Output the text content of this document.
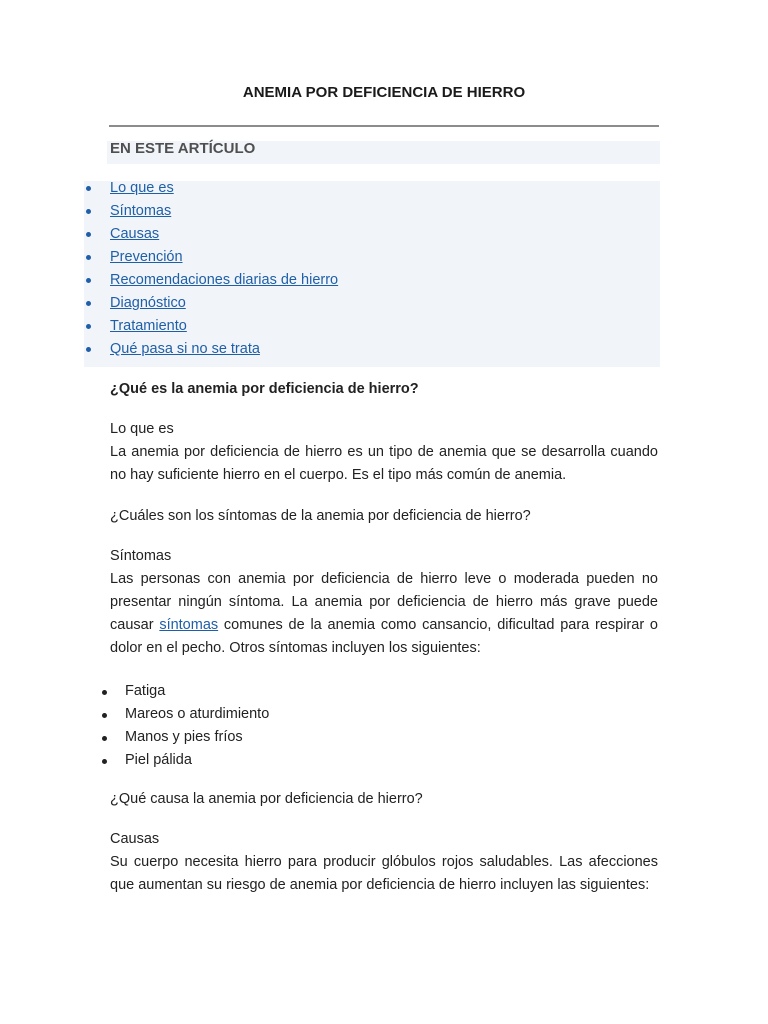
ANEMIA POR DEFICIENCIA DE HIERRO
EN ESTE ARTÍCULO
Lo que es
Síntomas
Causas
Prevención
Recomendaciones diarias de hierro
Diagnóstico
Tratamiento
Qué pasa si no se trata

¿Qué es la anemia por deficiencia de hierro?

Lo que es

La anemia por deficiencia de hierro es un tipo de anemia que se desarrolla cuando no hay suficiente hierro en el cuerpo. Es el tipo más común de anemia.

¿Cuáles son los síntomas de la anemia por deficiencia de hierro?

Síntomas

Las personas con anemia por deficiencia de hierro leve o moderada pueden no presentar ningún síntoma. La anemia por deficiencia de hierro más grave puede causar síntomas comunes de la anemia como cansancio, dificultad para respirar o dolor en el pecho. Otros síntomas incluyen los siguientes:

Fatiga
Mareos o aturdimiento
Manos y pies fríos
Piel pálida

¿Qué causa la anemia por deficiencia de hierro?

Causas

Su cuerpo necesita hierro para producir glóbulos rojos saludables. Las afecciones que aumentan su riesgo de anemia por deficiencia de hierro incluyen las siguientes:
